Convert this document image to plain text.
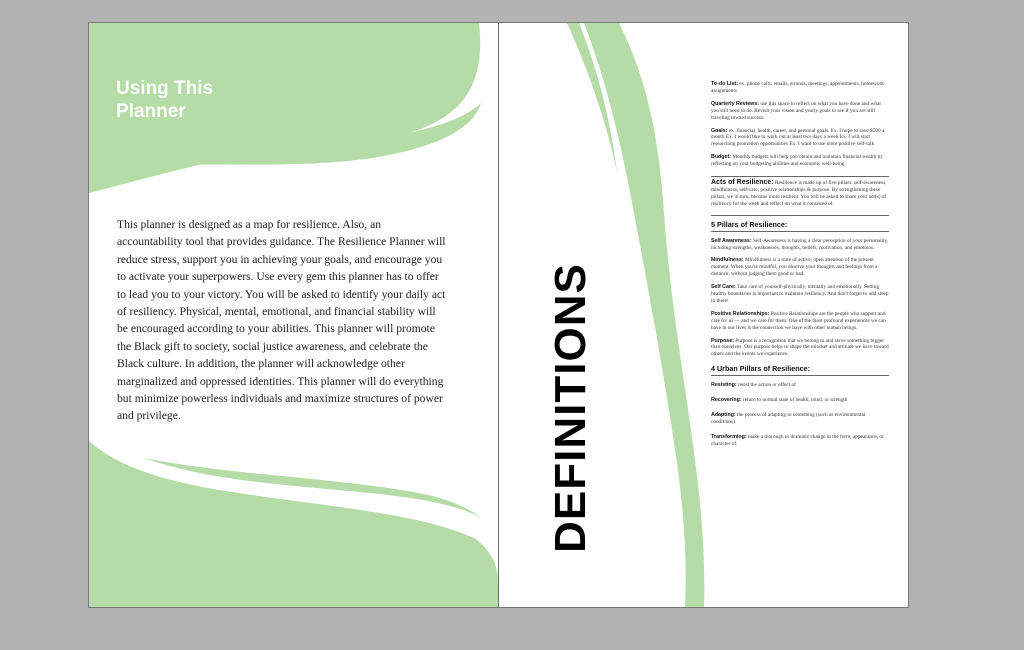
Using This Planner

This planner is designed as a map for resilience. Also, an accountability tool that provides guidance. The Resilience Planner will reduce stress, support you in achieving your goals, and encourage you to activate your superpowers. Use every gem this planner has to offer to lead you to your victory. You will be asked to identify your daily act of resiliency. Physical, mental, emotional, and financial stability will be encouraged according to your abilities. This planner will promote the Black gift to society, social justice awareness, and celebrate the Black culture. In addition, the planner will acknowledge other marginalized and oppressed identities. This planner will do everything but minimize powerless individuals and maximize structures of power and privilege.	DEFINITIONS

To-do List: ex. phone calls, emails, errands, meetings, appointments, homework assignments

Quarterly Reviews: use this space to reflect on what you have done and what you still need to do. Revisit your vision and yearly goals to see if you are still traveling toward success.

Goals: ex. financial, health, career, and personal goals. Ex. I hope to save $500 a month Ex. I would like to work out at least two days a week Ex. I will start researching promotion opportunities Ex. I want to use more positive self-talk

Budget: Monthly budgets will help you obtain and maintain financial wealth by reflecting on your budgeting abilities and economic well-being.

Acts of Resilience: Resilience is made up of five pillars: self-awareness, mindfulness, self-care, positive relationships & purpose. By strengthening these pillars, we in turn, become more resilient. You will be asked to share your act(s) of resiliency for the week and reflect on what it consisted of.

5 Pillars of Resilience:

Self Awareness: Self-Awareness is having a clear perception of your personality, including strengths, weaknesses, thoughts, beliefs, motivation, and emotions.

Mindfulness: Mindfulness is a state of active, open attention of the present moment. When you're mindful, you observe your thoughts and feelings from a distance, without judging them good or bad.

Self Care: Take care of yourself-physically, mentally and emotionally. Setting healthy boundaries is important to maintain resiliency. And don't forget to add sleep in there!

Positive Relationships: Positive Relationships are the people who support and care for us — and we care for them. One of the most profound experiences we can have in our lives is the connection we have with other human beings.

Purpose: Purpose is a recognition that we belong to and serve something bigger than ourselves. Our purpose helps to shape the mindset and attitude we have toward others and the events we experience.

4 Urban Pillars of Resilience:

Resisting: resist the action or effect of

Recovering: return to normal state of health, mind, or strength

Adapting: the process of adapting to something (such as environmental conditions)

Transforming: make a thorough or dramatic change in the form, appearance, or character of.
